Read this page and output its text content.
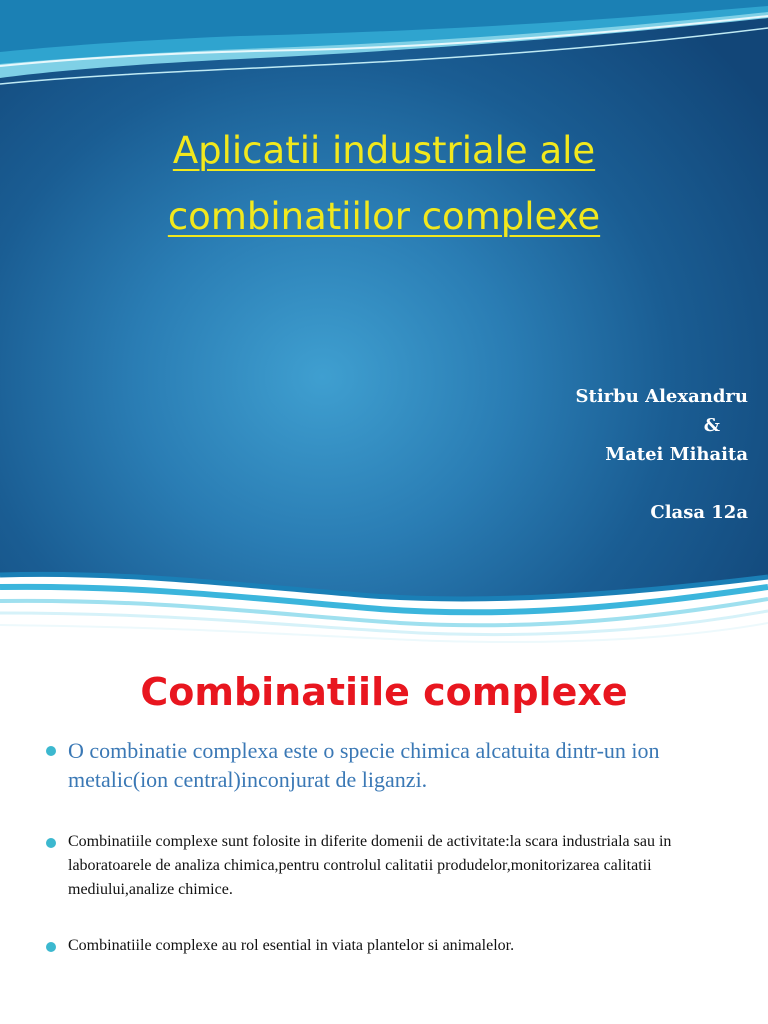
Aplicatii industriale ale
combinatiilor complexe
Stirbu Alexandru
&
Matei Mihaita
Clasa 12a
Combinatiile complexe
O combinatie complexa este o specie chimica alcatuita dintr-un ion metalic(ion central)inconjurat de liganzi.
Combinatiile complexe sunt folosite in diferite domenii de activitate:la scara industriala sau in laboratoarele de analiza chimica,pentru controlul calitatii produdelor,monitorizarea calitatii mediului,analize chimice.
Combinatiile complexe au rol esential in viata plantelor si animalelor.
